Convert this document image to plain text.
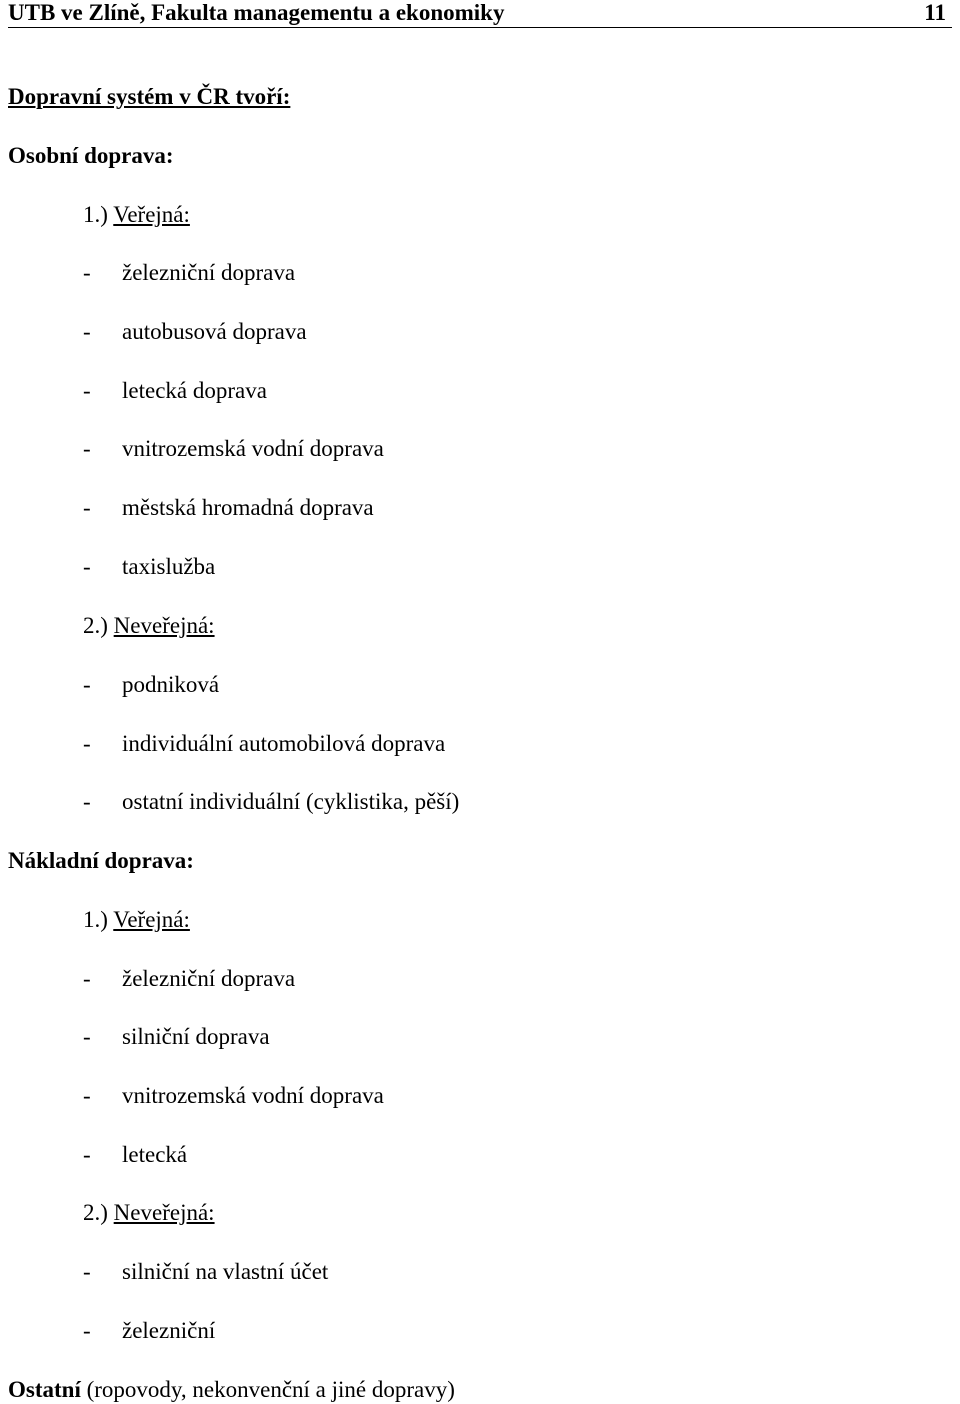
UTB ve Zlíně, Fakulta managementu a ekonomiky	11
Dopravní systém v ČR tvoří:
Osobní doprava:
1.) Veřejná:
- železniční doprava
- autobusová doprava
- letecká doprava
- vnitrozemská vodní doprava
- městská hromadná doprava
- taxislužba
2.) Neveřejná:
- podniková
- individuální automobilová doprava
- ostatní individuální (cyklistika, pěší)
Nákladní doprava:
1.) Veřejná:
- železniční doprava
- silniční doprava
- vnitrozemská vodní doprava
- letecká
2.) Neveřejná:
- silniční na vlastní účet
- železniční
Ostatní (ropovody, nekonvenční a jiné dopravy)
